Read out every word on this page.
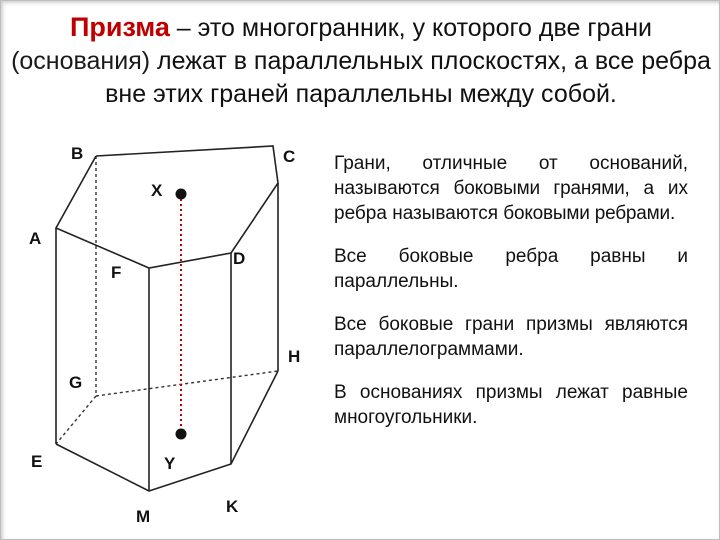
Призма – это многогранник, у которого две грани
(основания) лежат в параллельных плоскостях, а все ребра вне этих граней параллельны между собой.
B	C
X
A
D
F
H
G
E	Y
M
K

Грани, отличные от оснований, называются боковыми гранями, а их ребра называются боковыми ребрами.

Все боковые ребра равны и параллельны.

Все боковые грани призмы являются параллелограммами.

В основаниях призмы лежат равные многоугольники.
